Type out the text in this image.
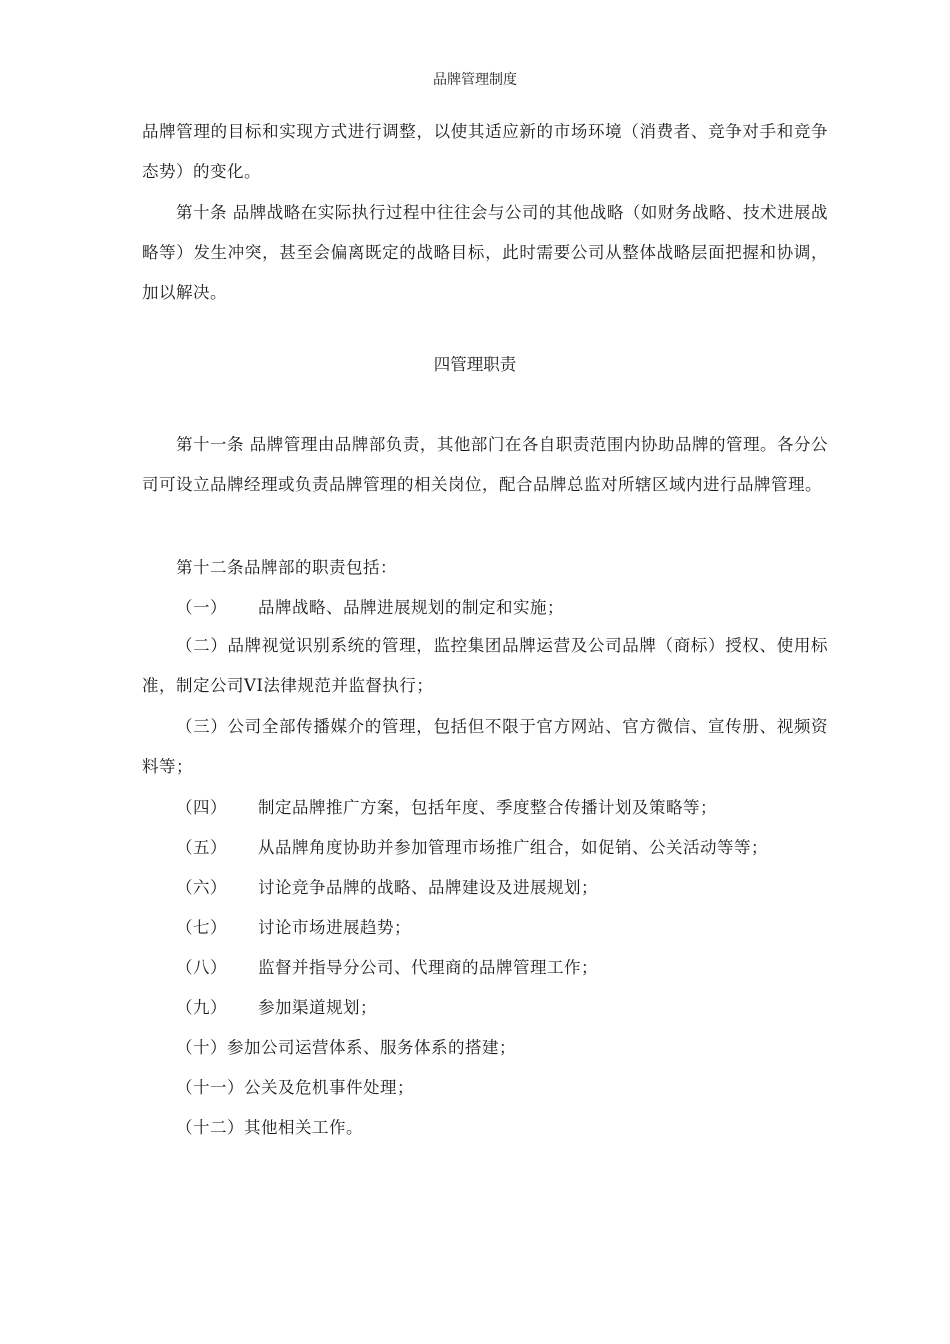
品牌管理制度
品牌管理的目标和实现方式进行调整，以使其适应新的市场环境（消费者、竞争对手和竞争态势）的变化。
第十条 品牌战略在实际执行过程中往往会与公司的其他战略（如财务战略、技术进展战略等）发生冲突，甚至会偏离既定的战略目标，此时需要公司从整体战略层面把握和协调，加以解决。
四管理职责
第十一条 品牌管理由品牌部负责，其他部门在各自职责范围内协助品牌的管理。各分公司可设立品牌经理或负责品牌管理的相关岗位，配合品牌总监对所辖区域内进行品牌管理。
第十二条品牌部的职责包括：
（一） 品牌战略、品牌进展规划的制定和实施；
（二）品牌视觉识别系统的管理，监控集团品牌运营及公司品牌（商标）授权、使用标准，制定公司VI法律规范并监督执行；
（三）公司全部传播媒介的管理，包括但不限于官方网站、官方微信、宣传册、视频资料等；
（四） 制定品牌推广方案，包括年度、季度整合传播计划及策略等；
（五） 从品牌角度协助并参加管理市场推广组合，如促销、公关活动等等；
（六） 讨论竞争品牌的战略、品牌建设及进展规划；
（七） 讨论市场进展趋势；
（八） 监督并指导分公司、代理商的品牌管理工作；
（九） 参加渠道规划；
（十）参加公司运营体系、服务体系的搭建；
（十一）公关及危机事件处理；
（十二）其他相关工作。
